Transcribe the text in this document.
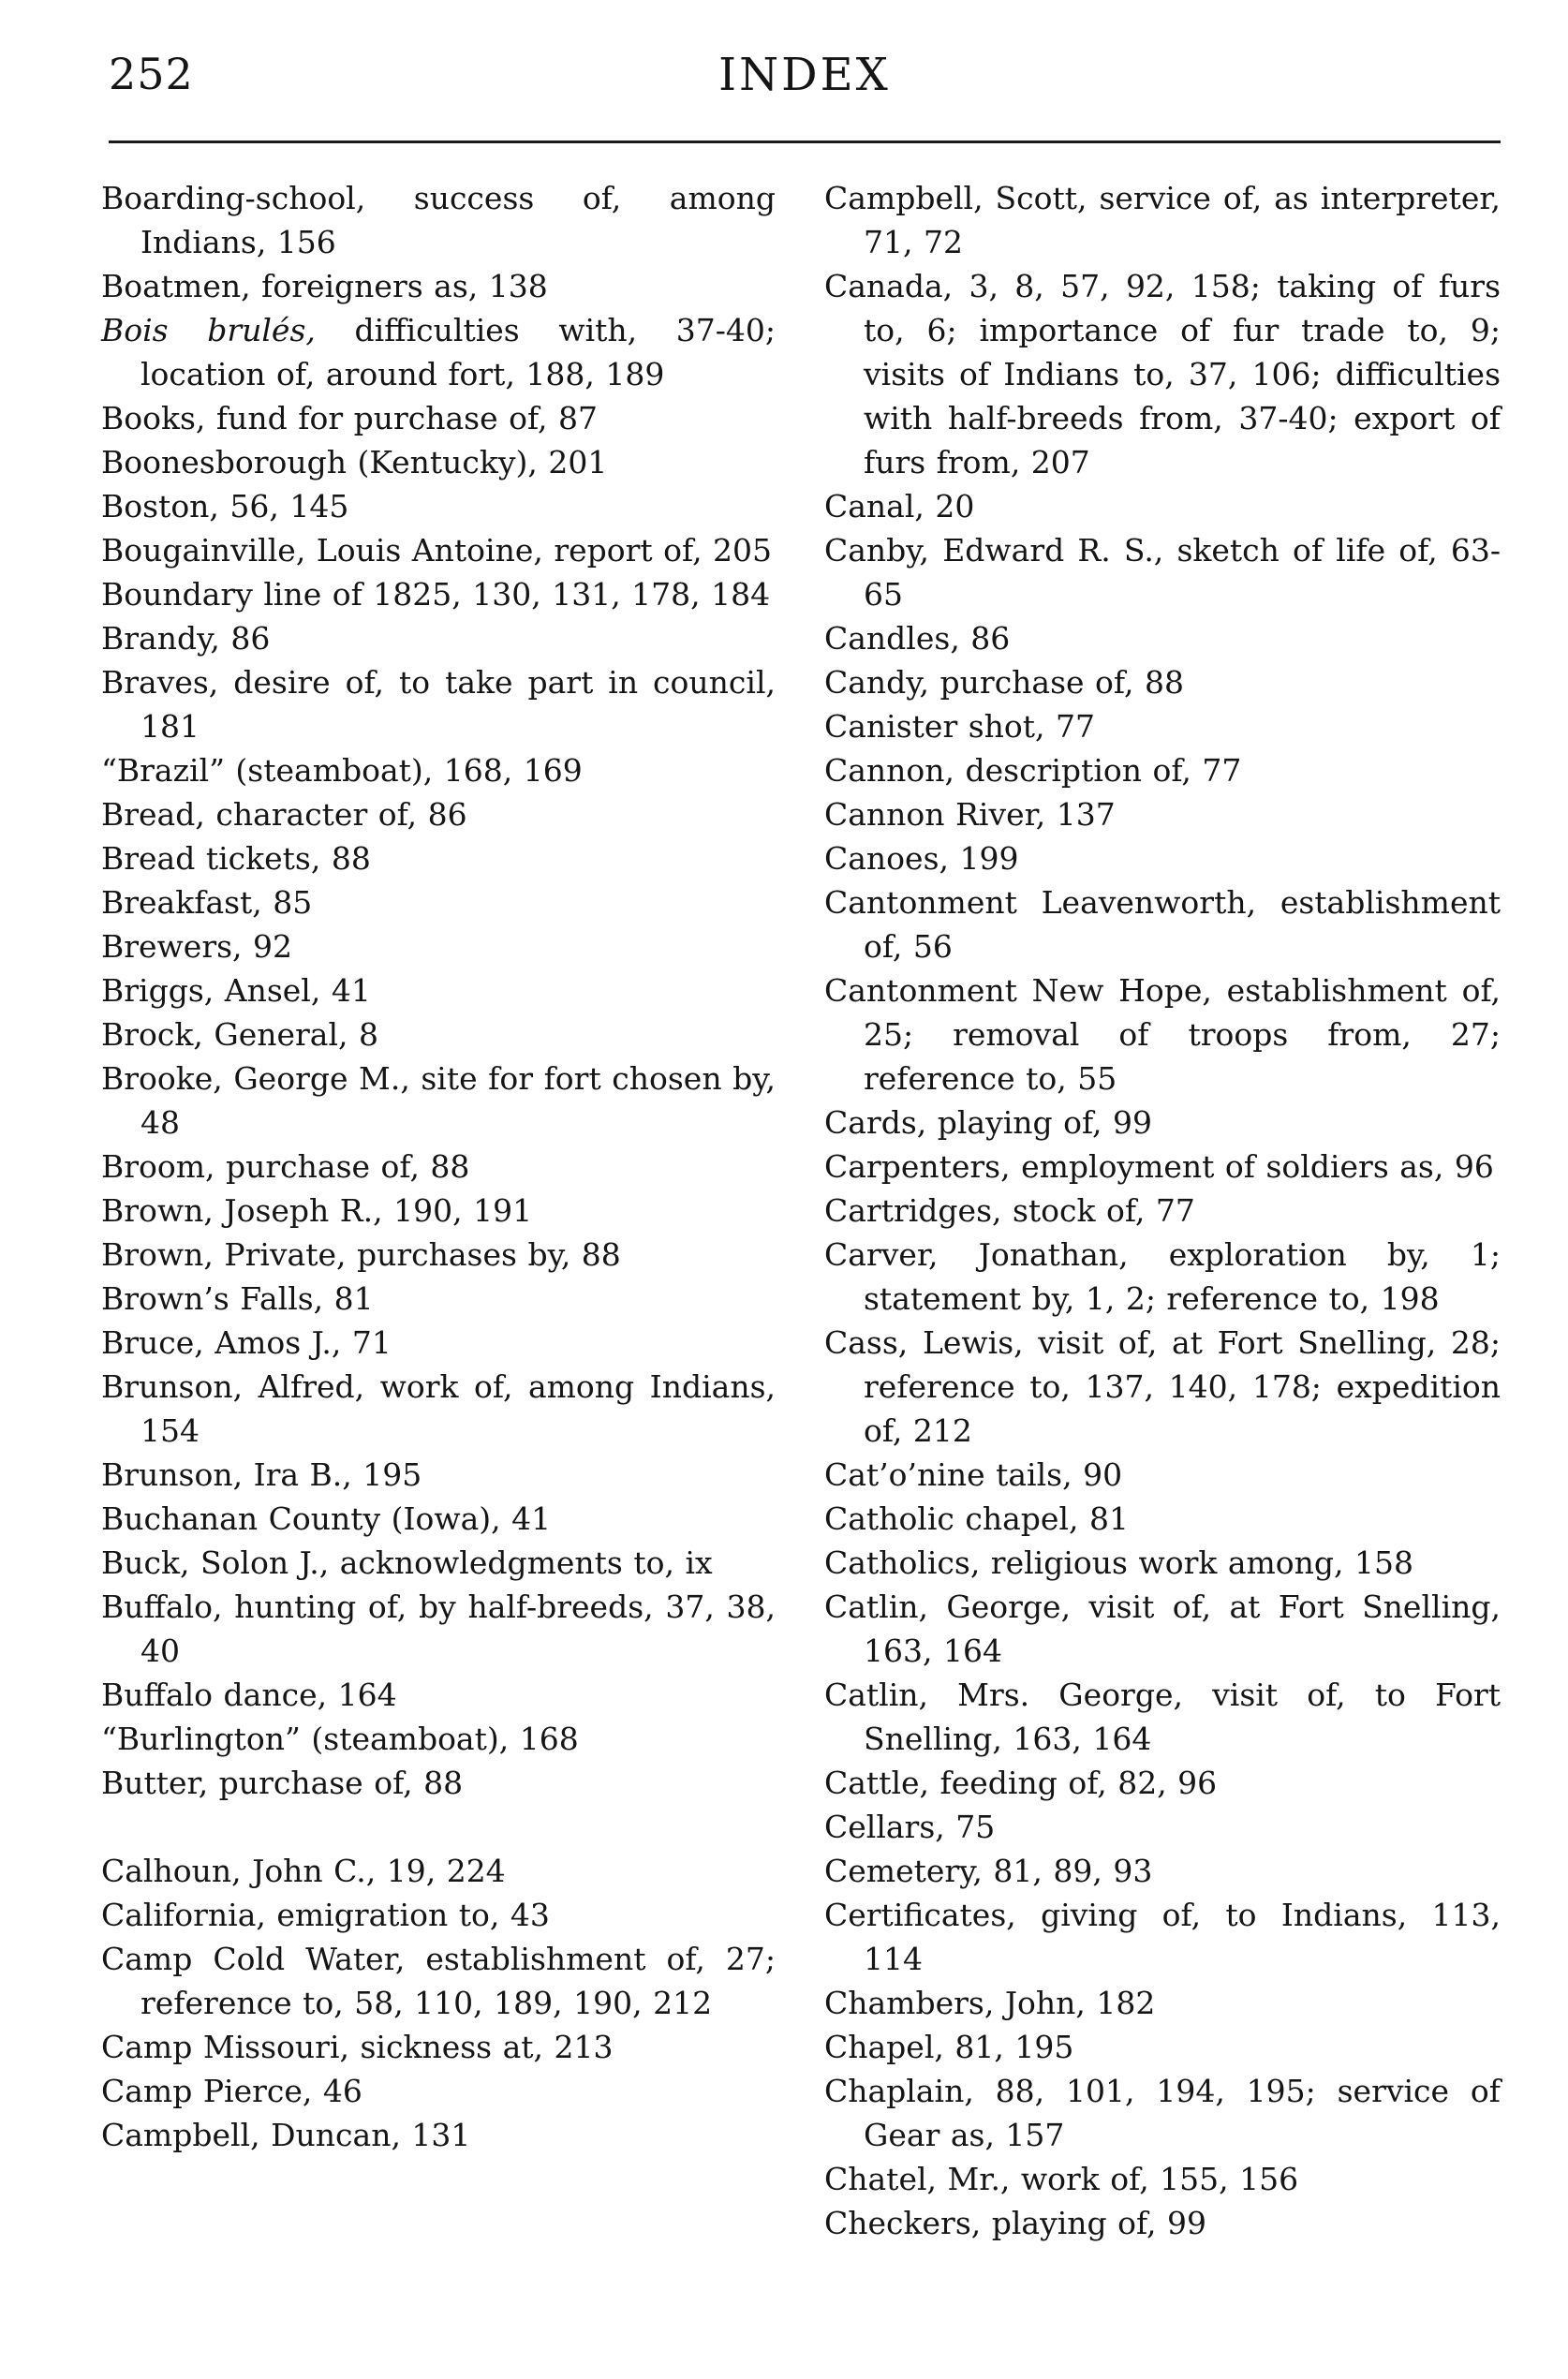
252	INDEX
Boarding-school, success of, among Indians, 156
Boatmen, foreigners as, 138
Bois brulés, difficulties with, 37-40; location of, around fort, 188, 189
Books, fund for purchase of, 87
Boonesborough (Kentucky), 201
Boston, 56, 145
Bougainville, Louis Antoine, report of, 205
Boundary line of 1825, 130, 131, 178, 184
Brandy, 86
Braves, desire of, to take part in council, 181
“Brazil” (steamboat), 168, 169
Bread, character of, 86
Bread tickets, 88
Breakfast, 85
Brewers, 92
Briggs, Ansel, 41
Brock, General, 8
Brooke, George M., site for fort chosen by, 48
Broom, purchase of, 88
Brown, Joseph R., 190, 191
Brown, Private, purchases by, 88
Brown’s Falls, 81
Bruce, Amos J., 71
Brunson, Alfred, work of, among Indians, 154
Brunson, Ira B., 195
Buchanan County (Iowa), 41
Buck, Solon J., acknowledgments to, ix
Buffalo, hunting of, by half-breeds, 37, 38, 40
Buffalo dance, 164
“Burlington” (steamboat), 168
Butter, purchase of, 88
Calhoun, John C., 19, 224
California, emigration to, 43
Camp Cold Water, establishment of, 27; reference to, 58, 110, 189, 190, 212
Camp Missouri, sickness at, 213
Camp Pierce, 46
Campbell, Duncan, 131
Campbell, Scott, service of, as interpreter, 71, 72
Canada, 3, 8, 57, 92, 158; taking of furs to, 6; importance of fur trade to, 9; visits of Indians to, 37, 106; difficulties with half-breeds from, 37-40; export of furs from, 207
Canal, 20
Canby, Edward R. S., sketch of life of, 63-65
Candles, 86
Candy, purchase of, 88
Canister shot, 77
Cannon, description of, 77
Cannon River, 137
Canoes, 199
Cantonment Leavenworth, establishment of, 56
Cantonment New Hope, establishment of, 25; removal of troops from, 27; reference to, 55
Cards, playing of, 99
Carpenters, employment of soldiers as, 96
Cartridges, stock of, 77
Carver, Jonathan, exploration by, 1; statement by, 1, 2; reference to, 198
Cass, Lewis, visit of, at Fort Snelling, 28; reference to, 137, 140, 178; expedition of, 212
Cat’o’nine tails, 90
Catholic chapel, 81
Catholics, religious work among, 158
Catlin, George, visit of, at Fort Snelling, 163, 164
Catlin, Mrs. George, visit of, to Fort Snelling, 163, 164
Cattle, feeding of, 82, 96
Cellars, 75
Cemetery, 81, 89, 93
Certificates, giving of, to Indians, 113, 114
Chambers, John, 182
Chapel, 81, 195
Chaplain, 88, 101, 194, 195; service of Gear as, 157
Chatel, Mr., work of, 155, 156
Checkers, playing of, 99
